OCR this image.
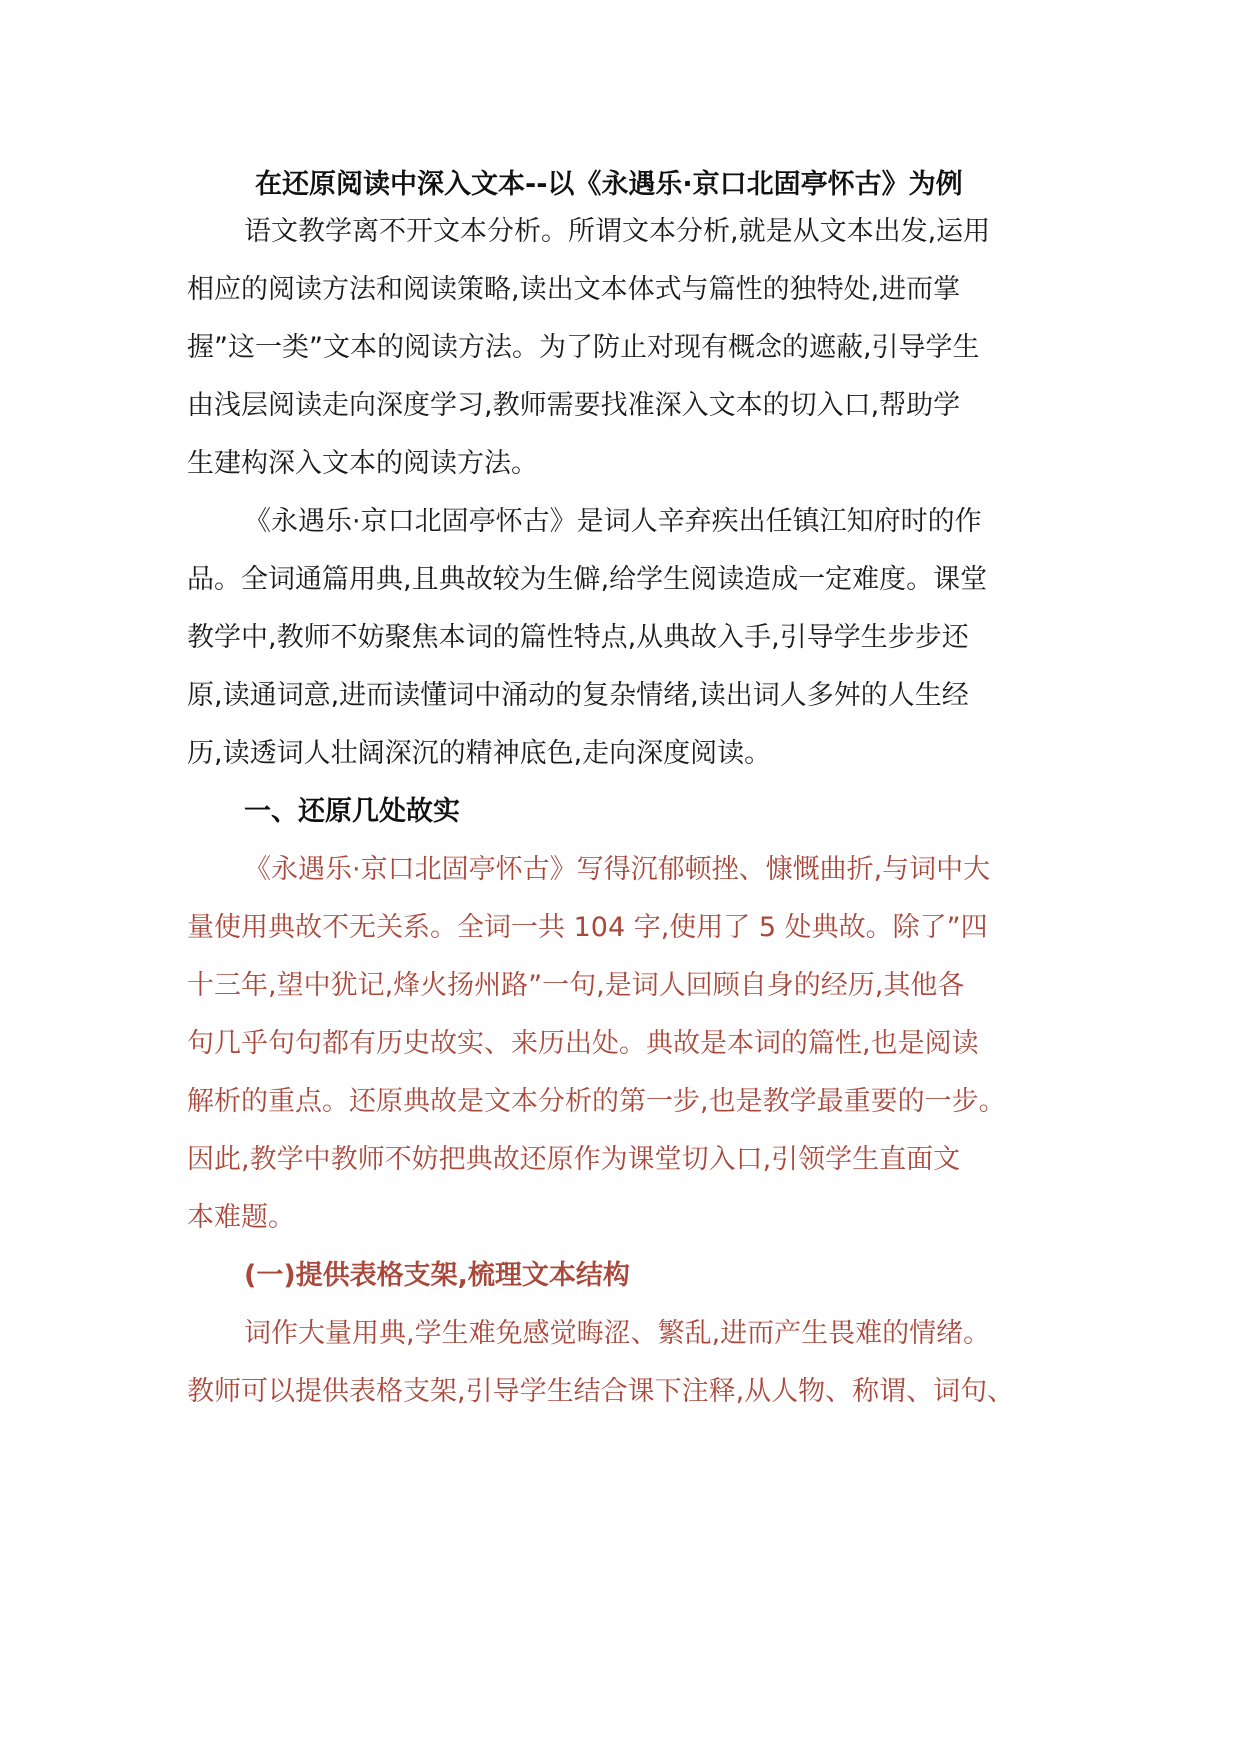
在还原阅读中深入文本--以《永遇乐·京口北固亭怀古》为例
语文教学离不开文本分析。所谓文本分析,就是从文本出发,运用
相应的阅读方法和阅读策略,读出文本体式与篇性的独特处,进而掌
握”这一类”文本的阅读方法。为了防止对现有概念的遮蔽,引导学生
由浅层阅读走向深度学习,教师需要找准深入文本的切入口,帮助学
生建构深入文本的阅读方法。
《永遇乐·京口北固亭怀古》是词人辛弃疾出任镇江知府时的作
品。全词通篇用典,且典故较为生僻,给学生阅读造成一定难度。课堂
教学中,教师不妨聚焦本词的篇性特点,从典故入手,引导学生步步还
原,读通词意,进而读懂词中涌动的复杂情绪,读出词人多舛的人生经
历,读透词人壮阔深沉的精神底色,走向深度阅读。
一、还原几处故实
《永遇乐·京口北固亭怀古》写得沉郁顿挫、慷慨曲折,与词中大
量使用典故不无关系。全词一共 104 字,使用了 5 处典故。除了”四
十三年,望中犹记,烽火扬州路”一句,是词人回顾自身的经历,其他各
句几乎句句都有历史故实、来历出处。典故是本词的篇性,也是阅读
解析的重点。还原典故是文本分析的第一步,也是教学最重要的一步。
因此,教学中教师不妨把典故还原作为课堂切入口,引领学生直面文
本难题。
(一)提供表格支架,梳理文本结构
词作大量用典,学生难免感觉晦涩、繁乱,进而产生畏难的情绪。
教师可以提供表格支架,引导学生结合课下注释,从人物、称谓、词句、
